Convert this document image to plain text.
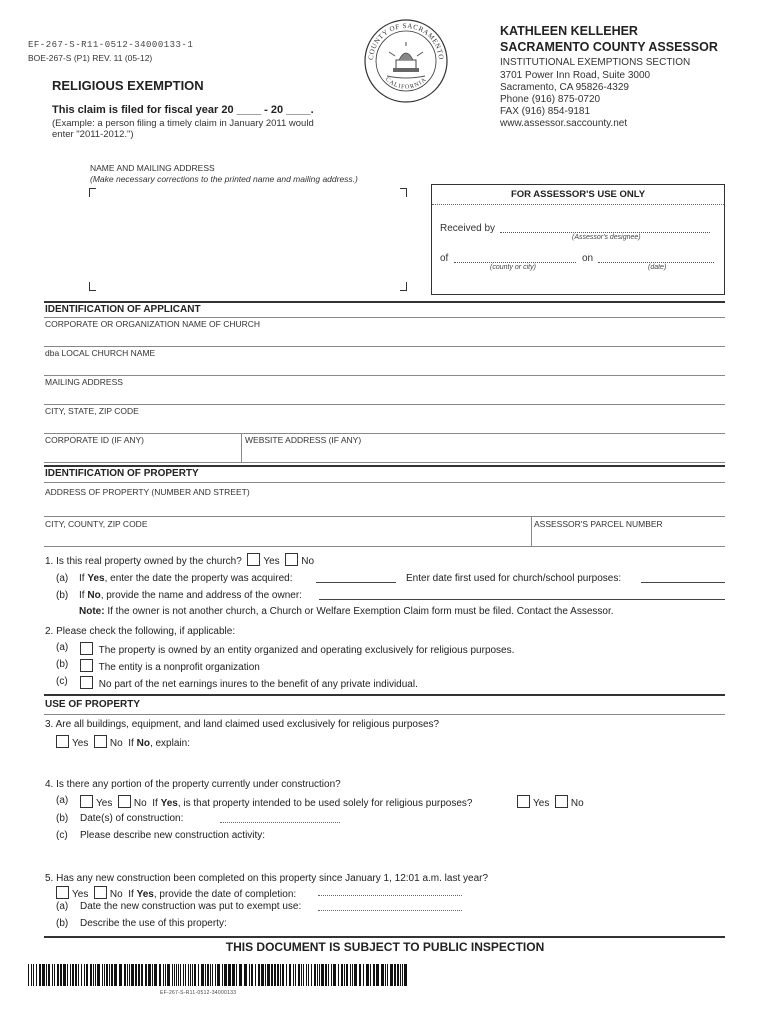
EF-267-S-R11-0512-34000133-1
BOE-267-S (P1) REV. 11 (05-12)
RELIGIOUS EXEMPTION
This claim is filed for fiscal year 20 ____ - 20 ____.
(Example: a person filing a timely claim in January 2011 would
enter "2011-2012.")
COUNTY OF SACRAMENTO
CALIFORNIA
KATHLEEN KELLEHER
SACRAMENTO COUNTY ASSESSOR
INSTITUTIONAL EXEMPTIONS SECTION
3701 Power Inn Road, Suite 3000
Sacramento, CA 95826-4329
Phone (916) 875-0720
FAX (916) 854-9181
www.assessor.saccounty.net
NAME AND MAILING ADDRESS
(Make necessary corrections to the printed name and mailing address.)
FOR ASSESSOR'S USE ONLY
Received by
(Assessor's designee)
of
(county or city)
on
(date)
IDENTIFICATION OF APPLICANT
CORPORATE OR ORGANIZATION NAME OF CHURCH
dba LOCAL CHURCH NAME
MAILING ADDRESS
CITY, STATE, ZIP CODE
CORPORATE ID (IF ANY)	WEBSITE ADDRESS (IF ANY)
IDENTIFICATION OF PROPERTY
ADDRESS OF PROPERTY (NUMBER AND STREET)
CITY, COUNTY, ZIP CODE	ASSESSOR'S PARCEL NUMBER
1. Is this real property owned by the church? Yes No
(a) If Yes, enter the date the property was acquired:	Enter date first used for church/school purposes:
(b) If No, provide the name and address of the owner:
Note: If the owner is not another church, a Church or Welfare Exemption Claim form must be filed. Contact the Assessor.
2. Please check the following, if applicable:
(a)	The property is owned by an entity organized and operating exclusively for religious purposes.
(b)	The entity is a nonprofit organization
(c)	No part of the net earnings inures to the benefit of any private individual.
USE OF PROPERTY
3. Are all buildings, equipment, and land claimed used exclusively for religious purposes?
Yes No If No, explain:
4. Is there any portion of the property currently under construction?
(a)	Yes No If Yes, is that property intended to be used solely for religious purposes?	Yes No
(b) Date(s) of construction:
(c) Please describe new construction activity:
5. Has any new construction been completed on this property since January 1, 12:01 a.m. last year?
Yes No If Yes, provide the date of completion:
(a) Date the new construction was put to exempt use:
(b) Describe the use of this property:
THIS DOCUMENT IS SUBJECT TO PUBLIC INSPECTION
EF-267-S-R11-0512-34000133
